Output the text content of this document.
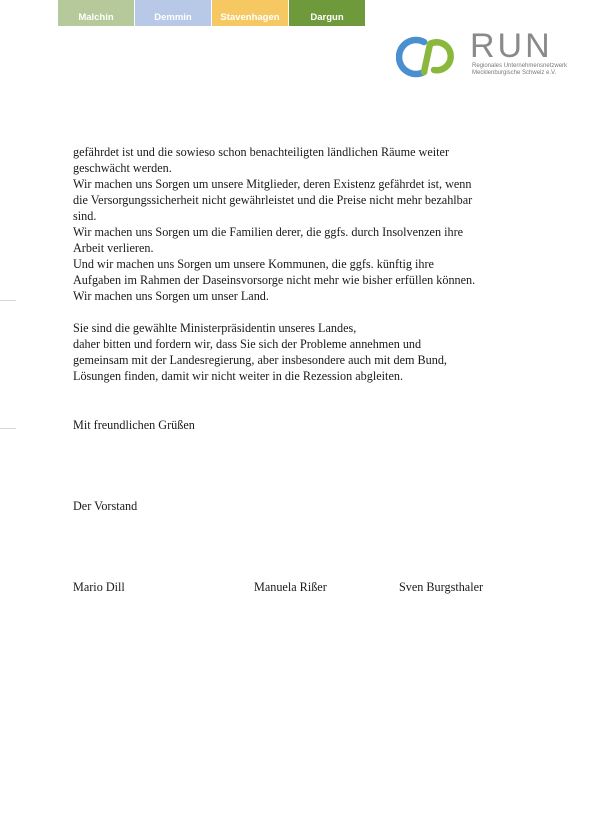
Malchin	Demmin	Stavenhagen	Dargun
RUN
Regionales Unternehmensnetzwerk
Mecklenburgische Schweiz e.V.

gefährdet ist und die sowieso schon benachteiligten ländlichen Räume weiter

geschwächt werden.

Wir machen uns Sorgen um unsere Mitglieder, deren Existenz gefährdet ist, wenn

die Versorgungssicherheit nicht gewährleistet und die Preise nicht mehr bezahlbar

sind.

Wir machen uns Sorgen um die Familien derer, die ggfs. durch Insolvenzen ihre

Arbeit verlieren.

Und wir machen uns Sorgen um unsere Kommunen, die ggfs. künftig ihre

Aufgaben im Rahmen der Daseinsvorsorge nicht mehr wie bisher erfüllen können.

Wir machen uns Sorgen um unser Land.

Sie sind die gewählte Ministerpräsidentin unseres Landes,

daher bitten und fordern wir, dass Sie sich der Probleme annehmen und

gemeinsam mit der Landesregierung, aber insbesondere auch mit dem Bund,

Lösungen finden, damit wir nicht weiter in die Rezession abgleiten.

Mit freundlichen Grüßen
Der Vorstand
Mario Dill	Manuela Rißer	Sven Burgsthaler
